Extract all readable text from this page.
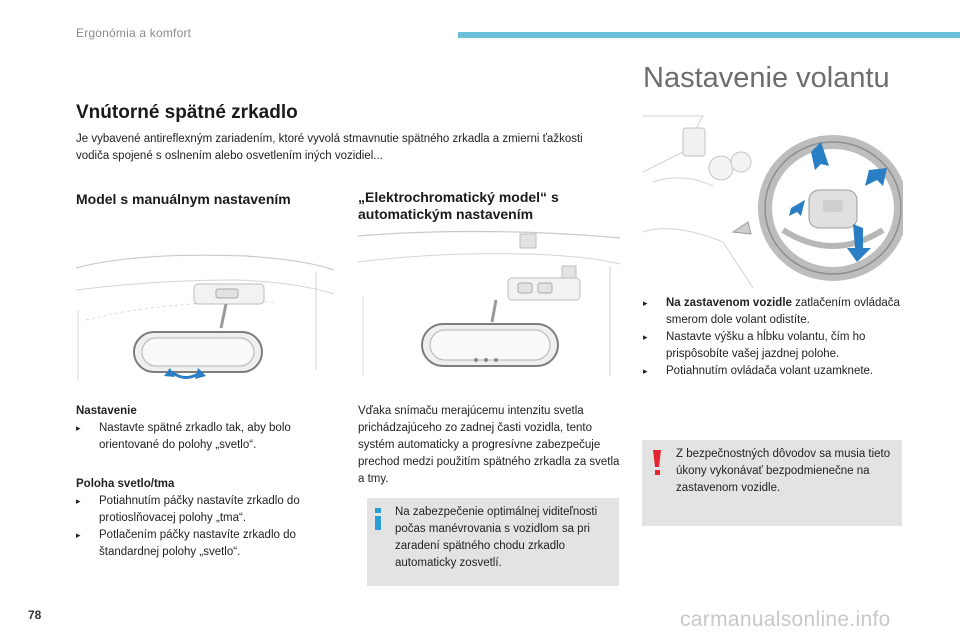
Ergonómia a komfort
Vnútorné spätné zrkadlo
Je vybavené antireflexným zariadením, ktoré vyvolá stmavnutie spätného zrkadla a zmierni ťažkosti vodiča spojené s oslnením alebo osvetlením iných vozidiel...
Model s manuálnym nastavením	„Elektrochromatický model“ s automatickým nastavením
Nastavenie
▸ Nastavte spätné zrkadlo tak, aby bolo orientované do polohy „svetlo“.
Poloha svetlo/tma
▸ Potiahnutím páčky nastavíte zrkadlo do protioslňovacej polohy „tma“.
▸ Potlačením páčky nastavíte zrkadlo do štandardnej polohy „svetlo“.
Vďaka snímaču merajúcemu intenzitu svetla prichádzajúceho zo zadnej časti vozidla, tento systém automaticky a progresívne zabezpečuje prechod medzi použitím spätného zrkadla za svetla a tmy.
Na zabezpečenie optimálnej viditeľnosti počas manévrovania s vozidlom sa pri zaradení spätného chodu zrkadlo automaticky zosvetlí.
Nastavenie volantu
▸ Na zastavenom vozidle zatlačením ovládača smerom dole volant odistíte.
▸ Nastavte výšku a hĺbku volantu, čím ho prispôsobíte vašej jazdnej polohe.
▸ Potiahnutím ovládača volant uzamknete.
Z bezpečnostných dôvodov sa musia tieto úkony vykonávať bezpodmienečne na zastavenom vozidle.
78	carmanualsonline.info
